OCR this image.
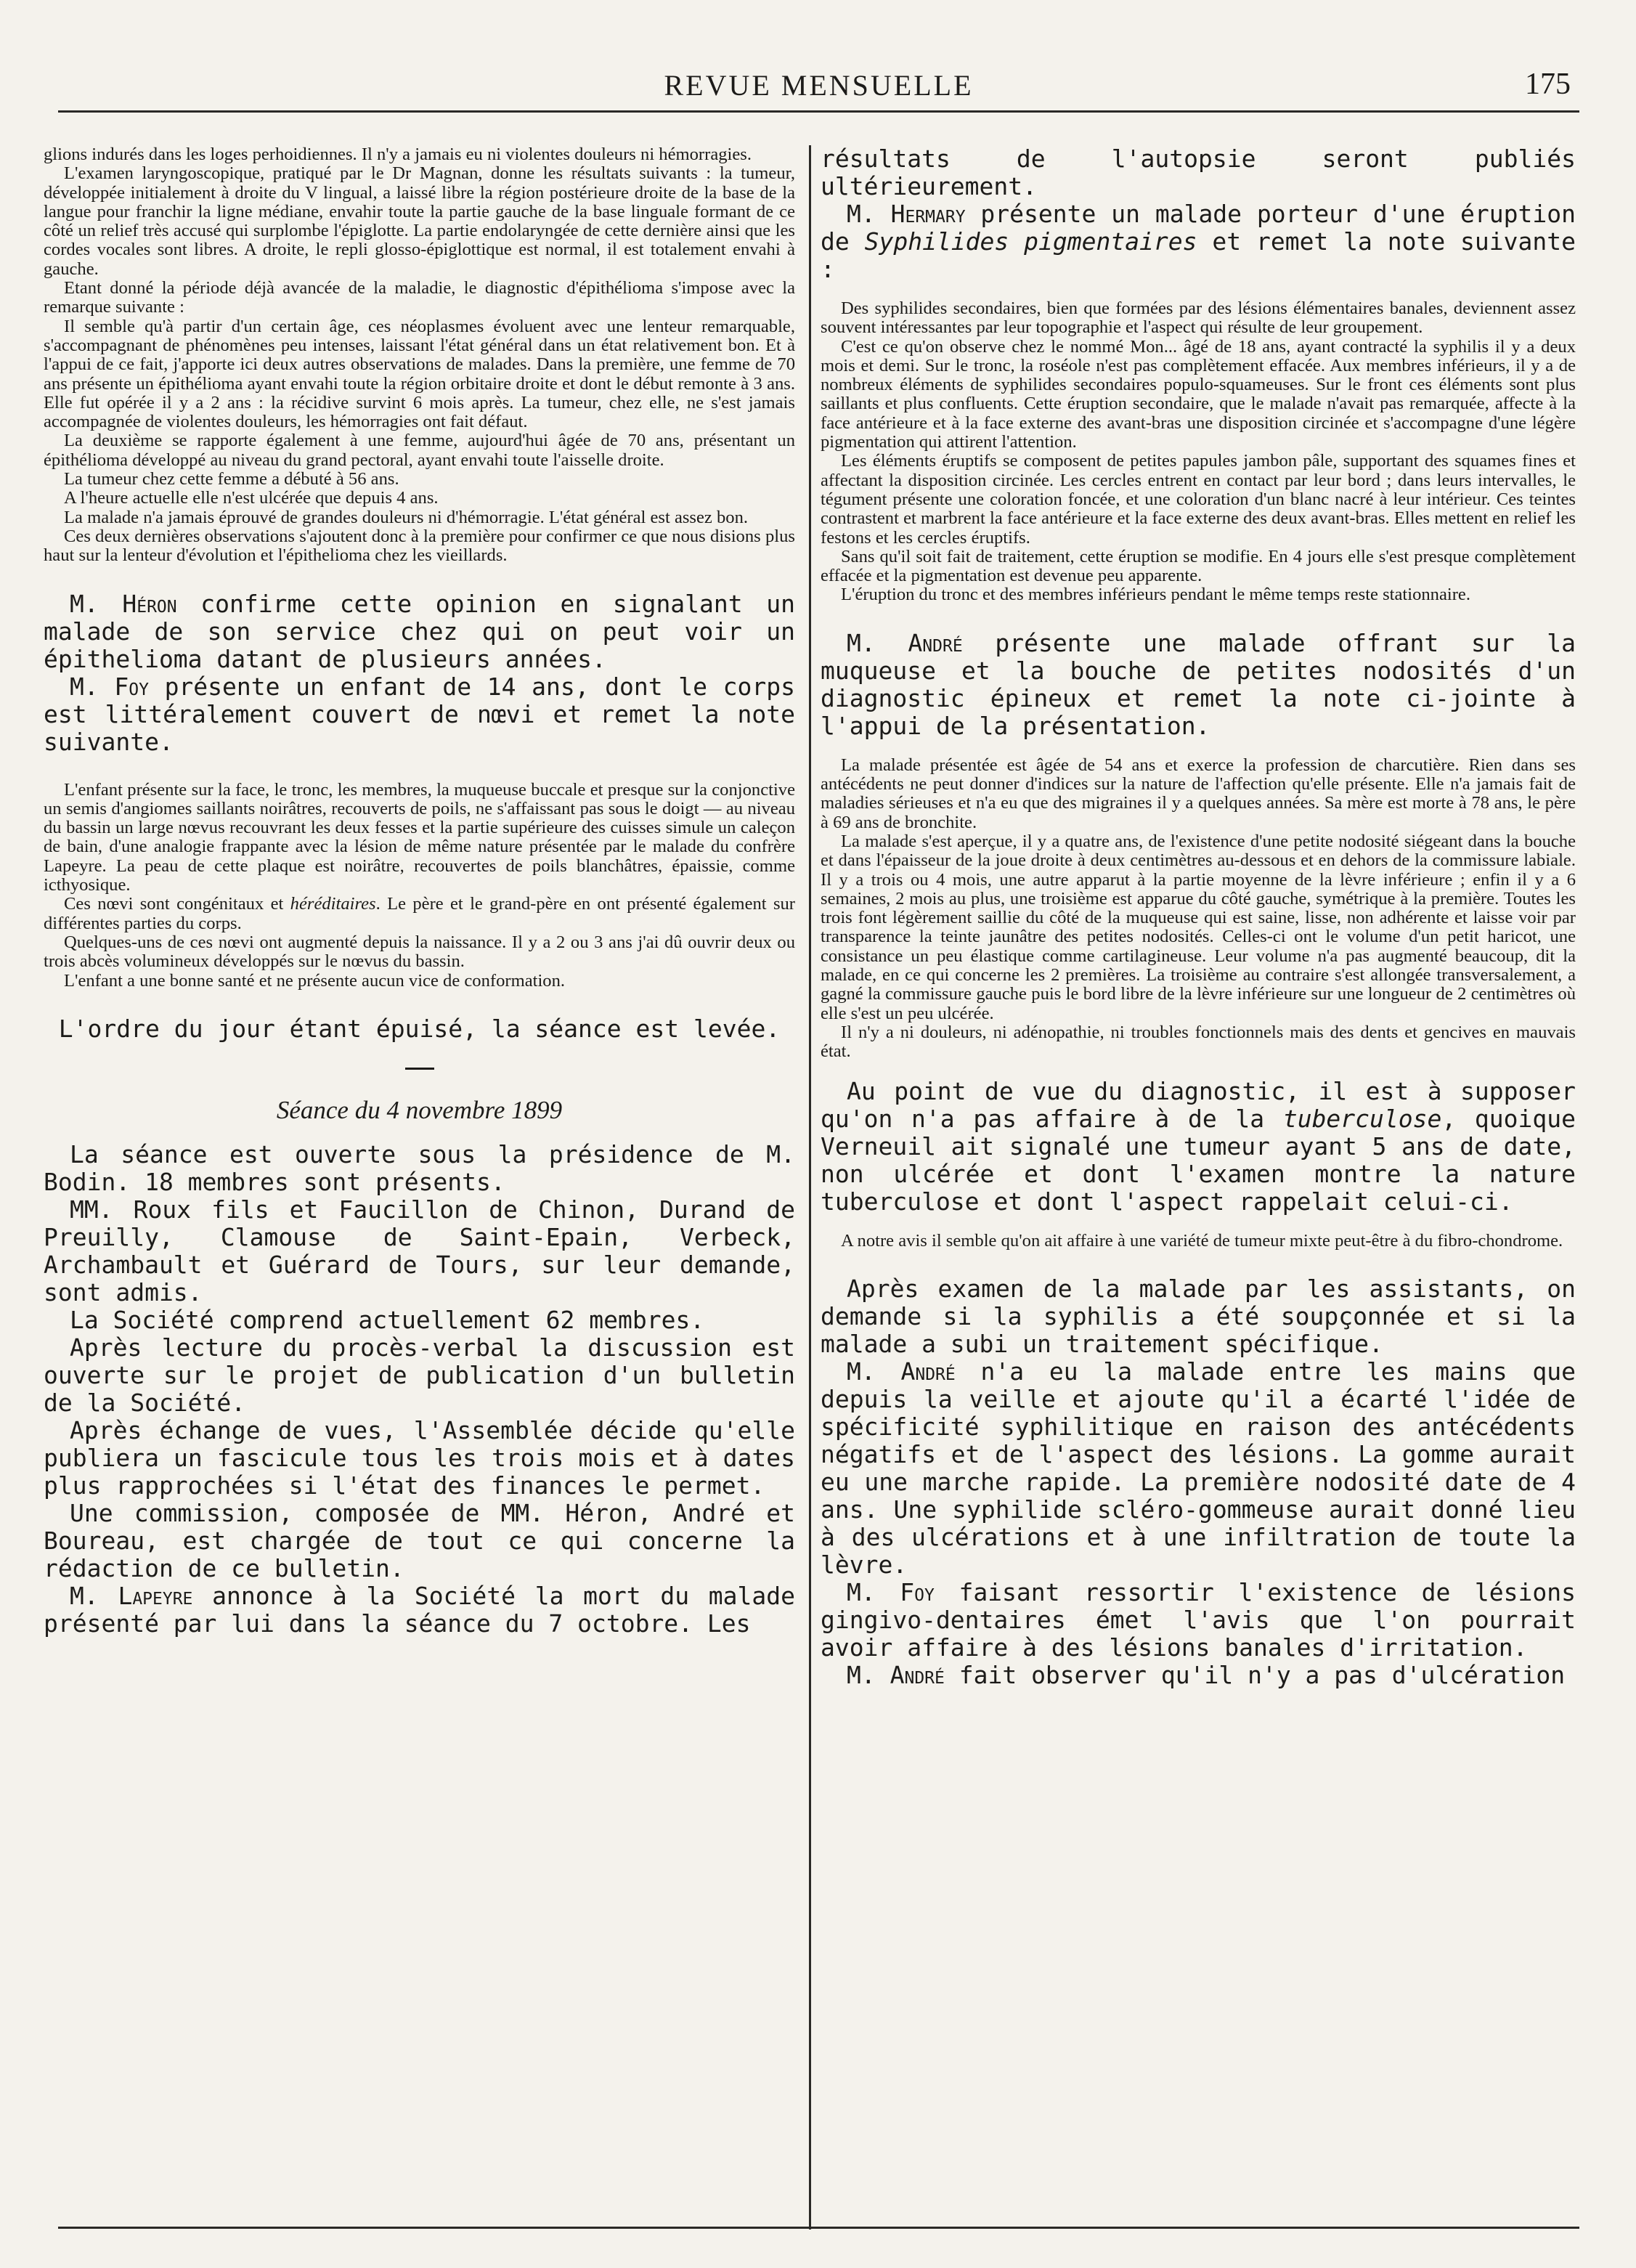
REVUE MENSUELLE	175

glions indurés dans les loges perhoidiennes. Il n'y a jamais eu ni violentes douleurs ni hémorragies.

L'examen laryngoscopique, pratiqué par le Dr Magnan, donne les résultats suivants : la tumeur, développée initialement à droite du V lingual, a laissé libre la région postérieure droite de la base de la langue pour franchir la ligne médiane, envahir toute la partie gauche de la base linguale formant de ce côté un relief très accusé qui surplombe l'épiglotte. La partie endolaryngée de cette dernière ainsi que les cordes vocales sont libres. A droite, le repli glosso-épiglottique est normal, il est totalement envahi à gauche.

Etant donné la période déjà avancée de la maladie, le diagnostic d'épithélioma s'impose avec la remarque suivante :

Il semble qu'à partir d'un certain âge, ces néoplasmes évoluent avec une lenteur remarquable, s'accompagnant de phénomènes peu intenses, laissant l'état général dans un état relativement bon. Et à l'appui de ce fait, j'apporte ici deux autres observations de malades. Dans la première, une femme de 70 ans présente un épithélioma ayant envahi toute la région orbitaire droite et dont le début remonte à 3 ans. Elle fut opérée il y a 2 ans : la récidive survint 6 mois après. La tumeur, chez elle, ne s'est jamais accompagnée de violentes douleurs, les hémorragies ont fait défaut.

La deuxième se rapporte également à une femme, aujourd'hui âgée de 70 ans, présentant un épithélioma développé au niveau du grand pectoral, ayant envahi toute l'aisselle droite.

La tumeur chez cette femme a débuté à 56 ans.

A l'heure actuelle elle n'est ulcérée que depuis 4 ans.

La malade n'a jamais éprouvé de grandes douleurs ni d'hémorragie. L'état général est assez bon.

Ces deux dernières observations s'ajoutent donc à la première pour confirmer ce que nous disions plus haut sur la lenteur d'évolution et l'épithelioma chez les vieillards.

M. Héron confirme cette opinion en signalant un malade de son service chez qui on peut voir un épithelioma datant de plusieurs années.

M. Foy présente un enfant de 14 ans, dont le corps est littéralement couvert de nœvi et remet la note suivante.

L'enfant présente sur la face, le tronc, les membres, la muqueuse buccale et presque sur la conjonctive un semis d'angiomes saillants noirâtres, recouverts de poils, ne s'affaissant pas sous le doigt — au niveau du bassin un large nœvus recouvrant les deux fesses et la partie supérieure des cuisses simule un caleçon de bain, d'une analogie frappante avec la lésion de même nature présentée par le malade du confrère Lapeyre. La peau de cette plaque est noirâtre, recouvertes de poils blanchâtres, épaissie, comme icthyosique.

Ces nœvi sont congénitaux et héréditaires. Le père et le grand-père en ont présenté également sur différentes parties du corps.

Quelques-uns de ces nœvi ont augmenté depuis la naissance. Il y a 2 ou 3 ans j'ai dû ouvrir deux ou trois abcès volumineux développés sur le nœvus du bassin.

L'enfant a une bonne santé et ne présente aucun vice de conformation.

L'ordre du jour étant épuisé, la séance est levée.

Séance du 4 novembre 1899

La séance est ouverte sous la présidence de M. Bodin. 18 membres sont présents.

MM. Roux fils et Faucillon de Chinon, Durand de Preuilly, Clamouse de Saint-Epain, Verbeck, Archambault et Guérard de Tours, sur leur demande, sont admis.

La Société comprend actuellement 62 membres.

Après lecture du procès-verbal la discussion est ouverte sur le projet de publication d'un bulletin de la Société.

Après échange de vues, l'Assemblée décide qu'elle publiera un fascicule tous les trois mois et à dates plus rapprochées si l'état des finances le permet.

Une commission, composée de MM. Héron, André et Boureau, est chargée de tout ce qui concerne la rédaction de ce bulletin.

M. Lapeyre annonce à la Société la mort du malade présenté par lui dans la séance du 7 octobre. Les

résultats de l'autopsie seront publiés ultérieurement.

M. Hermary présente un malade porteur d'une éruption de Syphilides pigmentaires et remet la note suivante :

Des syphilides secondaires, bien que formées par des lésions élémentaires banales, deviennent assez souvent intéressantes par leur topographie et l'aspect qui résulte de leur groupement.

C'est ce qu'on observe chez le nommé Mon... âgé de 18 ans, ayant contracté la syphilis il y a deux mois et demi. Sur le tronc, la roséole n'est pas complètement effacée. Aux membres inférieurs, il y a de nombreux éléments de syphilides secondaires populo-squameuses. Sur le front ces éléments sont plus saillants et plus confluents. Cette éruption secondaire, que le malade n'avait pas remarquée, affecte à la face antérieure et à la face externe des avant-bras une disposition circinée et s'accompagne d'une légère pigmentation qui attirent l'attention.

Les éléments éruptifs se composent de petites papules jambon pâle, supportant des squames fines et affectant la disposition circinée. Les cercles entrent en contact par leur bord ; dans leurs intervalles, le tégument présente une coloration foncée, et une coloration d'un blanc nacré à leur intérieur. Ces teintes contrastent et marbrent la face antérieure et la face externe des deux avant-bras. Elles mettent en relief les festons et les cercles éruptifs.

Sans qu'il soit fait de traitement, cette éruption se modifie. En 4 jours elle s'est presque complètement effacée et la pigmentation est devenue peu apparente.

L'éruption du tronc et des membres inférieurs pendant le même temps reste stationnaire.

M. André présente une malade offrant sur la muqueuse et la bouche de petites nodosités d'un diagnostic épineux et remet la note ci-jointe à l'appui de la présentation.

La malade présentée est âgée de 54 ans et exerce la profession de charcutière. Rien dans ses antécédents ne peut donner d'indices sur la nature de l'affection qu'elle présente. Elle n'a jamais fait de maladies sérieuses et n'a eu que des migraines il y a quelques années. Sa mère est morte à 78 ans, le père à 69 ans de bronchite.

La malade s'est aperçue, il y a quatre ans, de l'existence d'une petite nodosité siégeant dans la bouche et dans l'épaisseur de la joue droite à deux centimètres au-dessous et en dehors de la commissure labiale. Il y a trois ou 4 mois, une autre apparut à la partie moyenne de la lèvre inférieure ; enfin il y a 6 semaines, 2 mois au plus, une troisième est apparue du côté gauche, symétrique à la première. Toutes les trois font légèrement saillie du côté de la muqueuse qui est saine, lisse, non adhérente et laisse voir par transparence la teinte jaunâtre des petites nodosités. Celles-ci ont le volume d'un petit haricot, une consistance un peu élastique comme cartilagineuse. Leur volume n'a pas augmenté beaucoup, dit la malade, en ce qui concerne les 2 premières. La troisième au contraire s'est allongée transversalement, a gagné la commissure gauche puis le bord libre de la lèvre inférieure sur une longueur de 2 centimètres où elle s'est un peu ulcérée.

Il n'y a ni douleurs, ni adénopathie, ni troubles fonctionnels mais des dents et gencives en mauvais état.

Au point de vue du diagnostic, il est à supposer qu'on n'a pas affaire à de la tuberculose, quoique Verneuil ait signalé une tumeur ayant 5 ans de date, non ulcérée et dont l'examen montre la nature tuberculose et dont l'aspect rappelait celui-ci.

A notre avis il semble qu'on ait affaire à une variété de tumeur mixte peut-être à du fibro-chondrome.

Après examen de la malade par les assistants, on demande si la syphilis a été soupçonnée et si la malade a subi un traitement spécifique.

M. André n'a eu la malade entre les mains que depuis la veille et ajoute qu'il a écarté l'idée de spécificité syphilitique en raison des antécédents négatifs et de l'aspect des lésions. La gomme aurait eu une marche rapide. La première nodosité date de 4 ans. Une syphilide scléro-gommeuse aurait donné lieu à des ulcérations et à une infiltration de toute la lèvre.

M. Foy faisant ressortir l'existence de lésions gingivo-dentaires émet l'avis que l'on pourrait avoir affaire à des lésions banales d'irritation.

M. André fait observer qu'il n'y a pas d'ulcération
